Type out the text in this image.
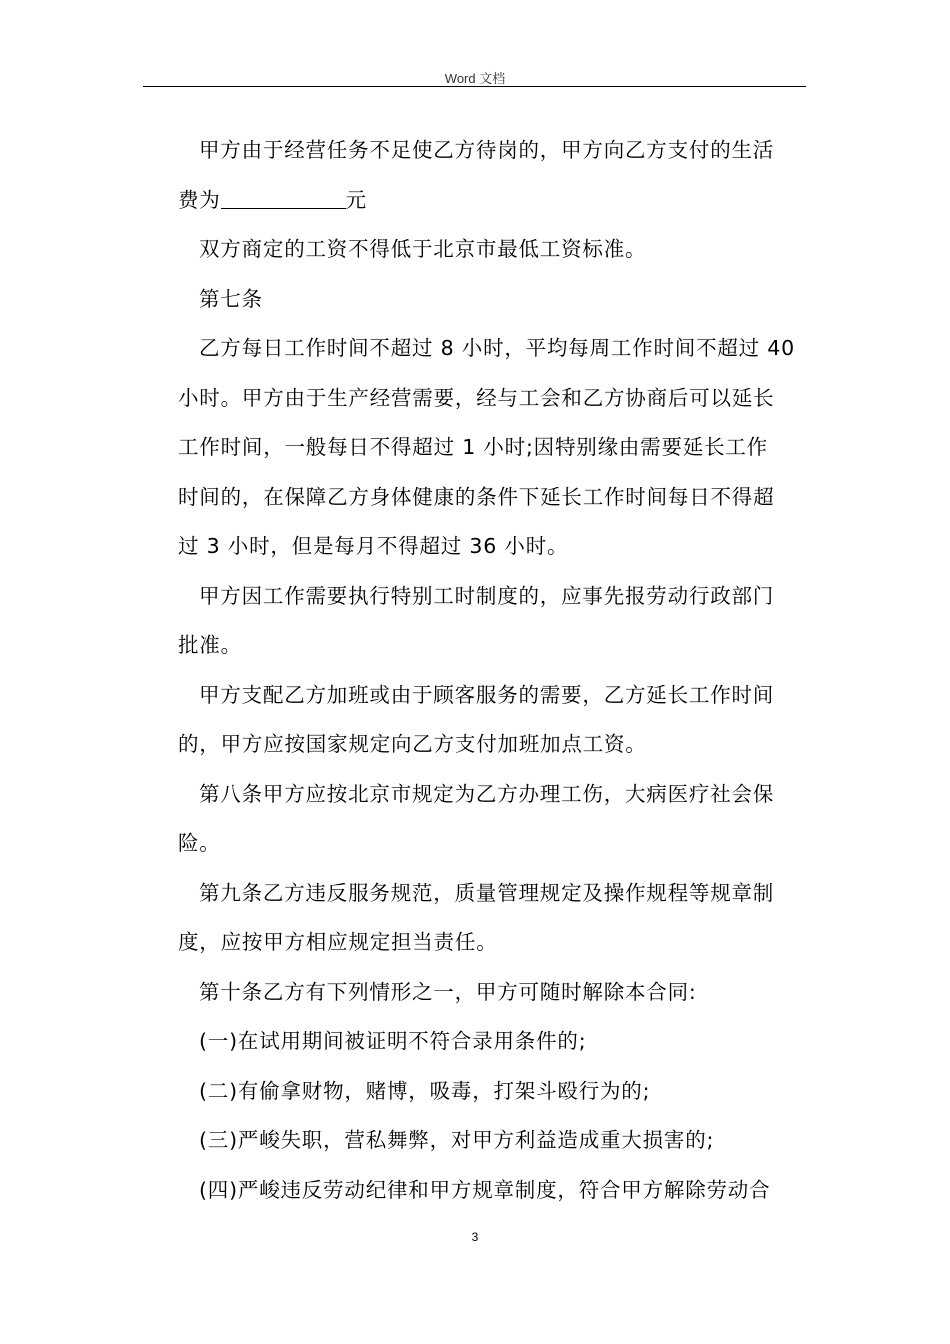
Word 文档
甲方由于经营任务不足使乙方待岗的，甲方向乙方支付的生活
费为	元
双方商定的工资不得低于北京市最低工资标准。
第七条
乙方每日工作时间不超过 8 小时，平均每周工作时间不超过 40
小时。甲方由于生产经营需要，经与工会和乙方协商后可以延长
工作时间，一般每日不得超过 1 小时;因特别缘由需要延长工作
时间的，在保障乙方身体健康的条件下延长工作时间每日不得超
过 3 小时，但是每月不得超过 36 小时。
甲方因工作需要执行特别工时制度的，应事先报劳动行政部门
批准。
甲方支配乙方加班或由于顾客服务的需要，乙方延长工作时间
的，甲方应按国家规定向乙方支付加班加点工资。
第八条甲方应按北京市规定为乙方办理工伤，大病医疗社会保
险。
第九条乙方违反服务规范，质量管理规定及操作规程等规章制
度，应按甲方相应规定担当责任。
第十条乙方有下列情形之一，甲方可随时解除本合同:
(一)在试用期间被证明不符合录用条件的;
(二)有偷拿财物，赌博，吸毒，打架斗殴行为的;
(三)严峻失职，营私舞弊，对甲方利益造成重大损害的;
(四)严峻违反劳动纪律和甲方规章制度，符合甲方解除劳动合
3
